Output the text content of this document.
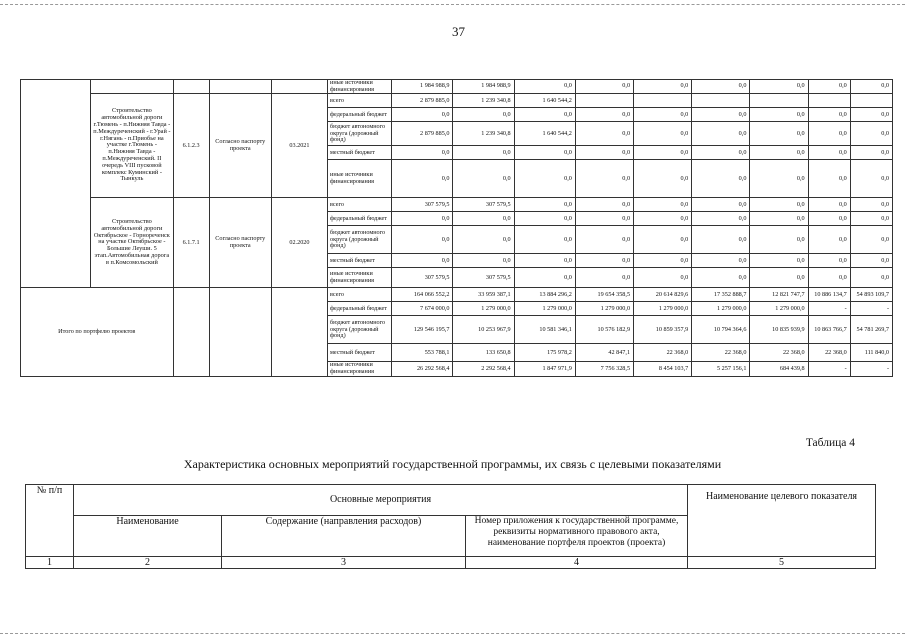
37
					иные источники финансирования	1 984 988,9	1 984 988,9	0,0	0,0	0,0	0,0	0,0	0,0	0,0
	Строительство автомобильной дороги г.Тюмень - п.Нижняя Тавда - п.Междуреченский - г.Урай - г.Нягань - п.Приобье на участке г.Тюмень - п.Нижняя Тавда - п.Междуреченский. II очередь VIII пусковой комплекс Куминский - Тынкуль	6.1.2.3	Согласно паспорту проекта	03.2021	всего	2 879 885,0	1 239 340,8	1 640 544,2						
					федеральный бюджет	0,0	0,0	0,0	0,0	0,0	0,0	0,0	0,0	0,0
					бюджет автономного округа (дорожный фонд)	2 879 885,0	1 239 340,8	1 640 544,2	0,0	0,0	0,0	0,0	0,0	0,0
					местный бюджет	0,0	0,0	0,0	0,0	0,0	0,0	0,0	0,0	0,0
					иные источники финансирования	0,0	0,0	0,0	0,0	0,0	0,0	0,0	0,0	0,0
	Строительство автомобильной дороги Октябрьское - Горнореченск на участке Октябрьское - Большие Леуши. 5 этап.Автомобильная дорога в п.Комсомольский	6.1.7.1	Согласно паспорту проекта	02.2020	всего	307 579,5	307 579,5	0,0	0,0	0,0	0,0	0,0	0,0	0,0
					федеральный бюджет	0,0	0,0	0,0	0,0	0,0	0,0	0,0	0,0	0,0
					бюджет автономного округа (дорожный фонд)	0,0	0,0	0,0	0,0	0,0	0,0	0,0	0,0	0,0
					местный бюджет	0,0	0,0	0,0	0,0	0,0	0,0	0,0	0,0	0,0
					иные источники финансирования	307 579,5	307 579,5	0,0	0,0	0,0	0,0	0,0	0,0	0,0
Итого по портфелю проектов					всего	164 066 552,2	33 959 387,1	13 884 296,2	19 654 358,5	20 614 829,6	17 352 888,7	12 821 747,7	10 886 134,7	54 893 109,7
					федеральный бюджет	7 674 000,0	1 279 000,0	1 279 000,0	1 279 000,0	1 279 000,0	1 279 000,0	1 279 000,0	-	-
					бюджет автономного округа (дорожный фонд)	129 546 195,7	10 253 967,9	10 581 346,1	10 576 182,9	10 859 357,9	10 794 364,6	10 835 939,9	10 863 766,7	54 781 269,7
					местный бюджет	553 788,1	133 650,8	175 978,2	42 847,1	22 368,0	22 368,0	22 368,0	22 368,0	111 840,0
					иные источники финансирования	26 292 568,4	2 292 568,4	1 847 971,9	7 756 328,5	8 454 103,7	5 257 156,1	684 439,8	-	-
Таблица 4
Характеристика основных мероприятий государственной программы, их связь с целевыми показателями
№ п/п	Основные мероприятия			Наименование целевого показателя
	Наименование	Содержание (направления расходов)	Номер приложения к государственной программе, реквизиты нормативного правового акта, наименование портфеля проектов (проекта)	
1	2	3	4	5
